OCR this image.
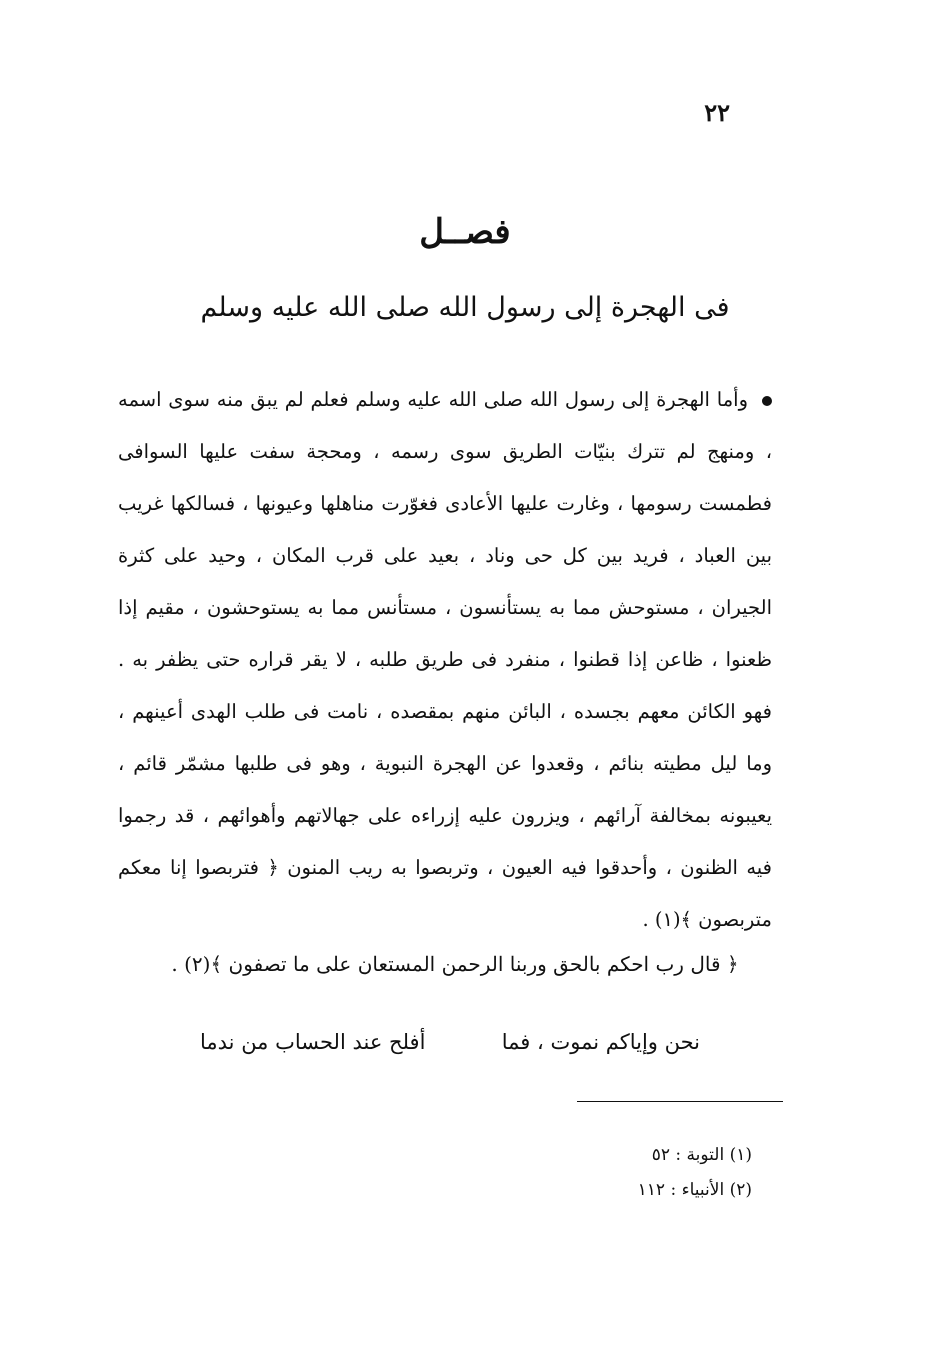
٢٢
فصــل
فى الهجرة إلى رسول الله صلى الله عليه وسلم
وأما الهجرة إلى رسول الله صلى الله عليه وسلم فعلم لم يبق منه سوى اسمه ، ومنهج لم تترك بنيّات الطريق سوى رسمه ، ومحجة سفت عليها السوافى فطمست رسومها ، وغارت عليها الأعادى فغوّرت مناهلها وعيونها ، فسالكها غريب بين العباد ، فريد بين كل حى وناد ، بعيد على قرب المكان ، وحيد على كثرة الجيران ، مستوحش مما به يستأنسون ، مستأنس مما به يستوحشون ، مقيم إذا ظعنوا ، ظاعن إذا قطنوا ، منفرد فى طريق طلبه ، لا يقر قراره حتى يظفر به . فهو الكائن معهم بجسده ، البائن منهم بمقصده ، نامت فى طلب الهدى أعينهم ، وما ليل مطيته بنائم ، وقعدوا عن الهجرة النبوية ، وهو فى طلبها مشمّر قائم ، يعيبونه بمخالفة آرائهم ، ويزرون عليه إزراءه على جهالاتهم وأهوائهم ، قد رجموا فيه الظنون ، وأحدقوا فيه العيون ، وتربصوا به ريب المنون ﴿ فتربصوا إنا معكم متربصون ﴾(١) .
﴿ قال رب احكم بالحق وربنا الرحمن المستعان على ما تصفون ﴾(٢) .
نحن وإياكم نموت ، فما
أفلح عند الحساب من ندما
(١) التوبة : ٥٢
(٢) الأنبياء : ١١٢
